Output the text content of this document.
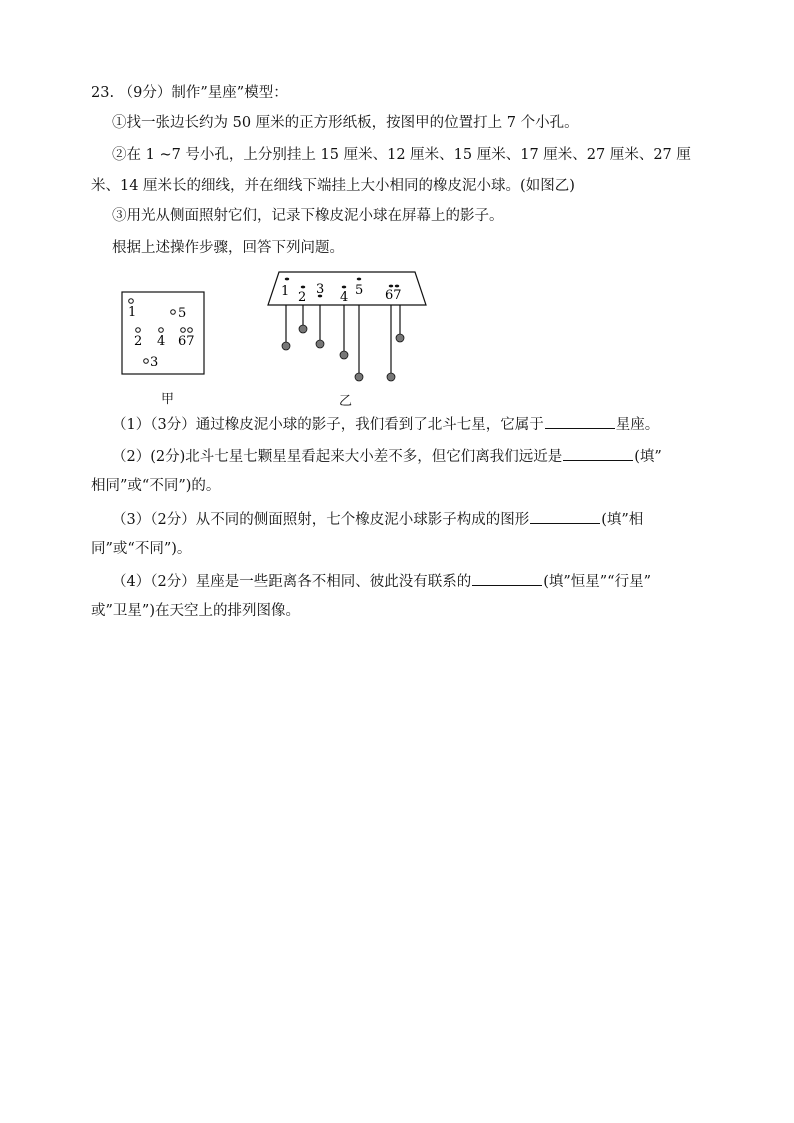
23. （9分）制作”星座”模型：
①找一张边长约为 50 厘米的正方形纸板，按图甲的位置打上 7 个小孔。
②在 1 ~7 号小孔，上分别挂上 15 厘米、12 厘米、15 厘米、17 厘米、27 厘米、27 厘
米、14 厘米长的细线，并在细线下端挂上大小相同的橡皮泥小球。(如图乙)
③用光从侧面照射它们，记录下橡皮泥小球在屏幕上的影子。
根据上述操作步骤，回答下列问题。
1	5
2 4 67
3
甲
1 2
3
4 5 67
乙
（1）（3分）通过橡皮泥小球的影子，我们看到了北斗七星，它属于	星座。
（2）(2分)北斗七星七颗星星看起来大小差不多，但它们离我们远近是	(填”
相同”或“不同”)的。
（3）（2分）从不同的侧面照射，七个橡皮泥小球影子构成的图形	(填”相
同”或“不同”)。
（4）（2分）星座是一些距离各不相同、彼此没有联系的	(填”恒星”“行星”
或”卫星”)在天空上的排列图像。
